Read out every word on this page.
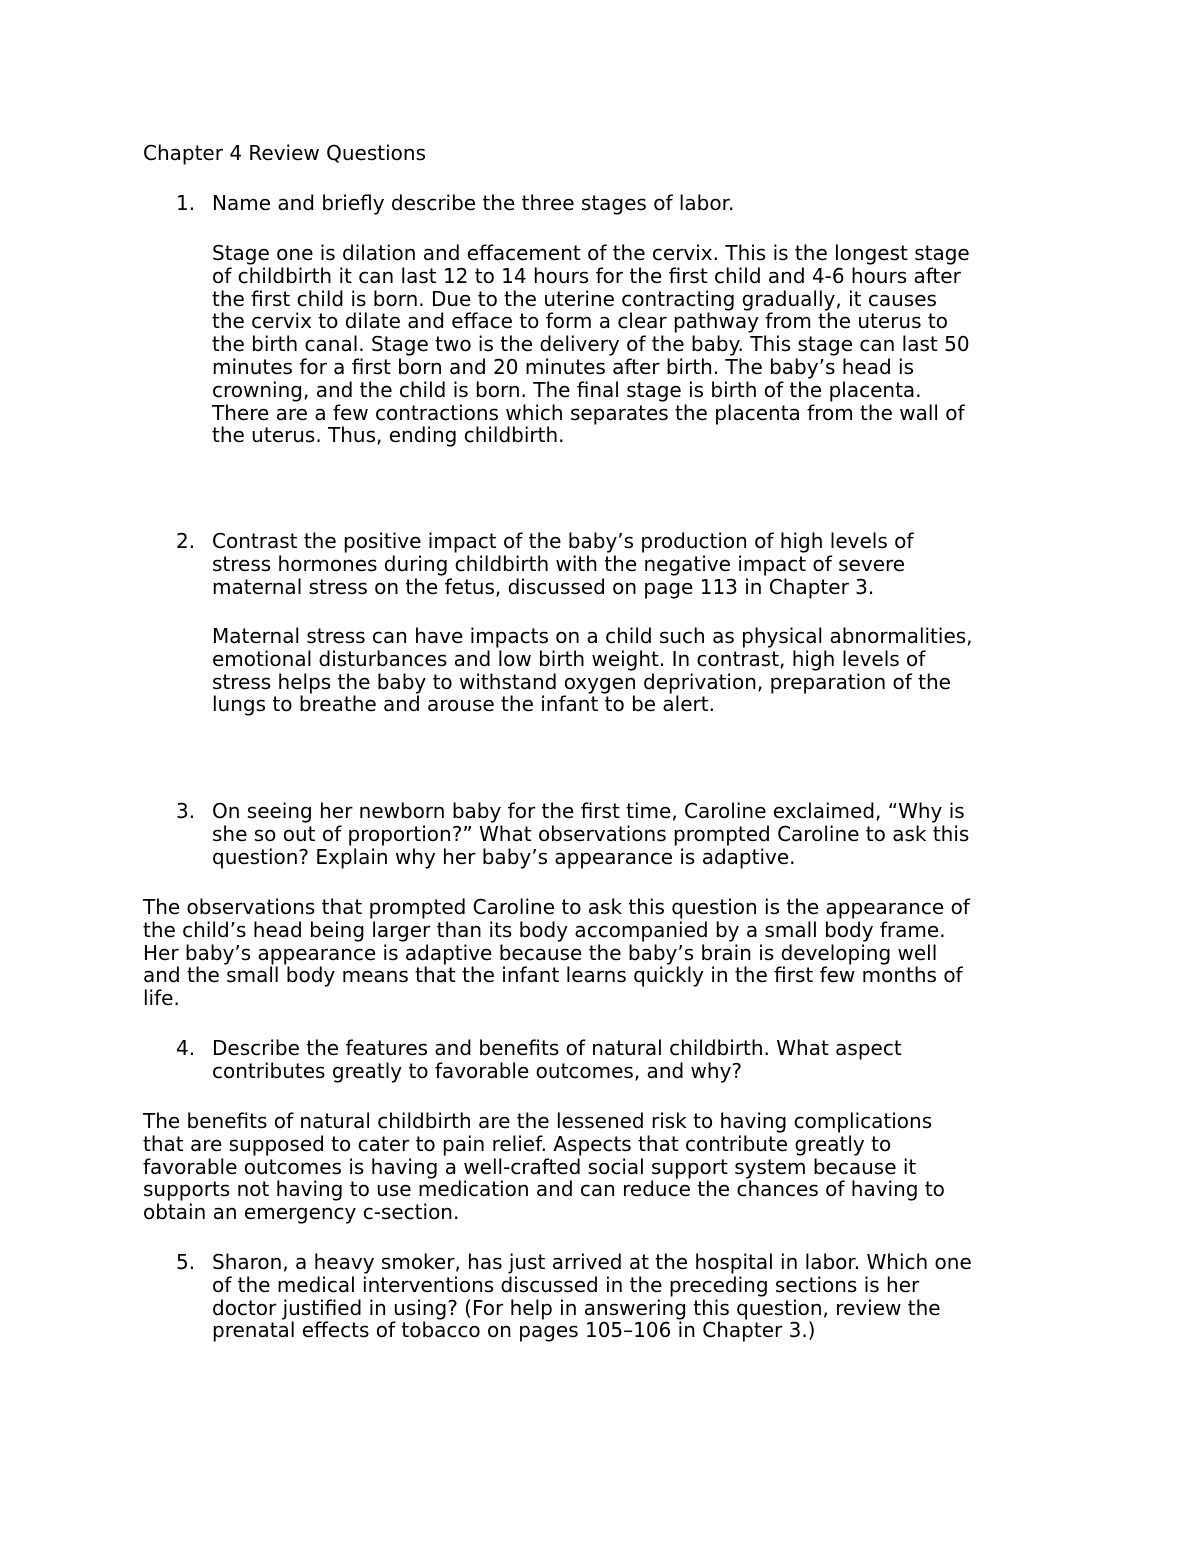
Chapter 4 Review Questions
1. Name and briefly describe the three stages of labor.
Stage one is dilation and effacement of the cervix. This is the longest stage
of childbirth it can last 12 to 14 hours for the first child and 4-6 hours after
the first child is born. Due to the uterine contracting gradually, it causes
the cervix to dilate and efface to form a clear pathway from the uterus to
the birth canal. Stage two is the delivery of the baby. This stage can last 50
minutes for a first born and 20 minutes after birth. The baby’s head is
crowning, and the child is born. The final stage is birth of the placenta.
There are a few contractions which separates the placenta from the wall of
the uterus. Thus, ending childbirth.
2. Contrast the positive impact of the baby’s production of high levels of
stress hormones during childbirth with the negative impact of severe
maternal stress on the fetus, discussed on page 113 in Chapter 3.
Maternal stress can have impacts on a child such as physical abnormalities,
emotional disturbances and low birth weight. In contrast, high levels of
stress helps the baby to withstand oxygen deprivation, preparation of the
lungs to breathe and arouse the infant to be alert.
3. On seeing her newborn baby for the first time, Caroline exclaimed, “Why is
she so out of proportion?” What observations prompted Caroline to ask this
question? Explain why her baby’s appearance is adaptive.
The observations that prompted Caroline to ask this question is the appearance of
the child’s head being larger than its body accompanied by a small body frame.
Her baby’s appearance is adaptive because the baby’s brain is developing well
and the small body means that the infant learns quickly in the first few months of
life.
4. Describe the features and benefits of natural childbirth. What aspect
contributes greatly to favorable outcomes, and why?
The benefits of natural childbirth are the lessened risk to having complications
that are supposed to cater to pain relief. Aspects that contribute greatly to
favorable outcomes is having a well-crafted social support system because it
supports not having to use medication and can reduce the chances of having to
obtain an emergency c-section.
5. Sharon, a heavy smoker, has just arrived at the hospital in labor. Which one
of the medical interventions discussed in the preceding sections is her
doctor justified in using? (For help in answering this question, review the
prenatal effects of tobacco on pages 105–106 in Chapter 3.)
